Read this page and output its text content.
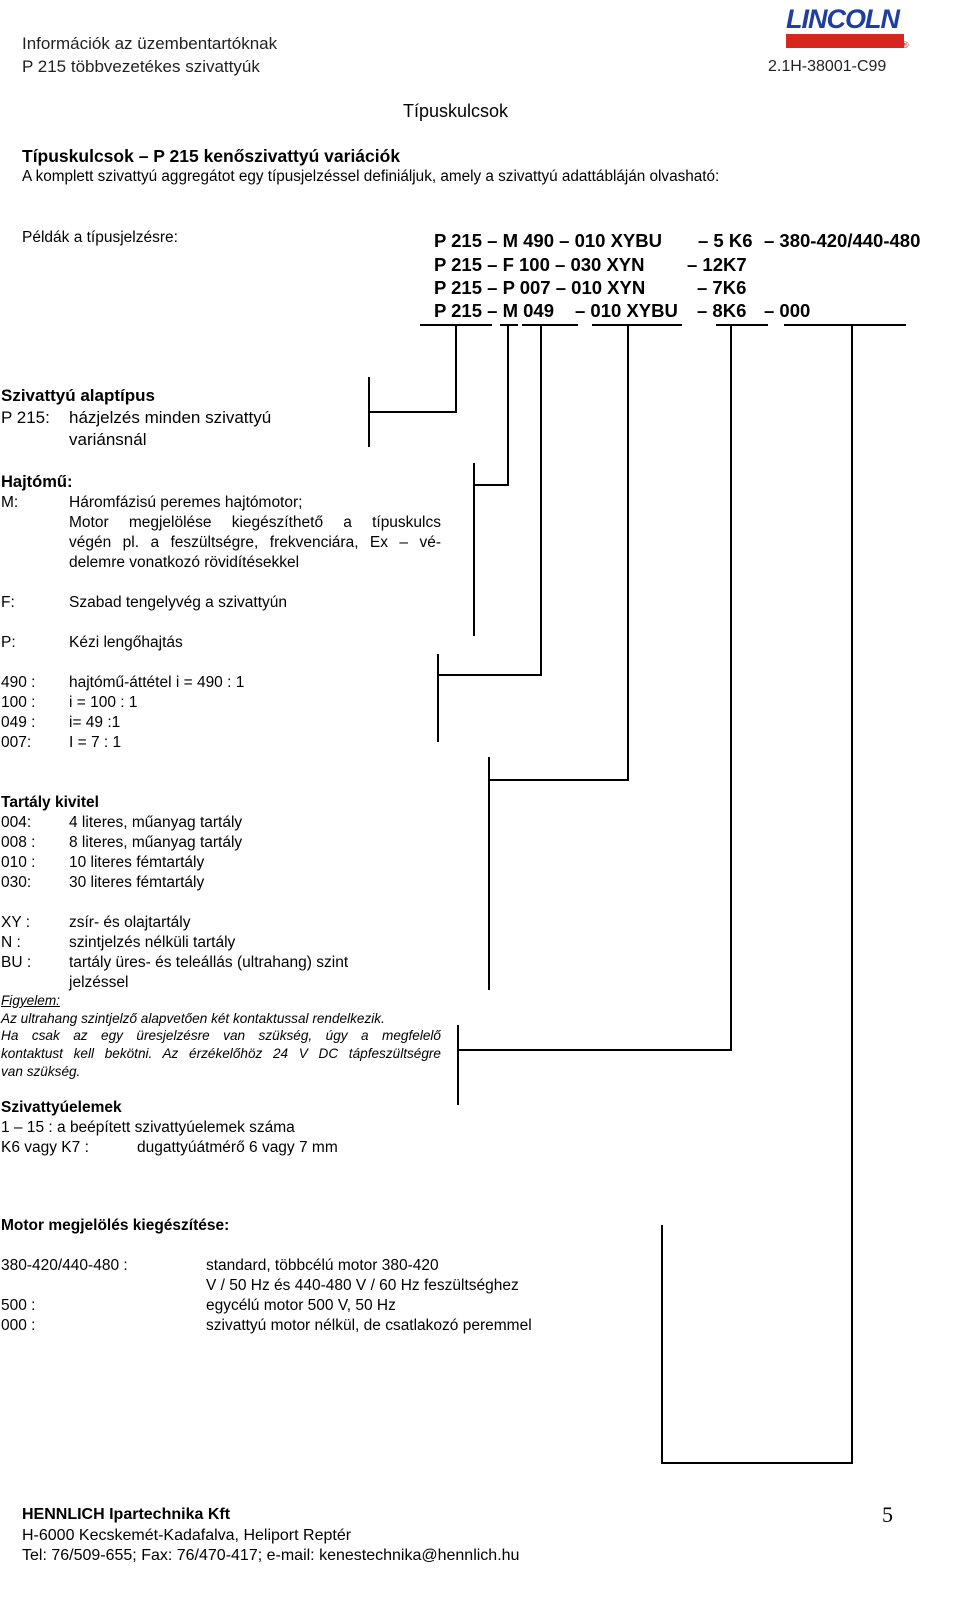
Információk az üzembentartóknak
P 215 többvezetékes szivattyúk	2.1H-38001-C99
LINCOLN
®
Típuskulcsok
Típuskulcsok – P 215 kenőszivattyú variációk
A komplett szivattyú aggregátot egy típusjelzéssel definiáljuk, amely a szivattyú adattábláján olvasható:
Példák a típusjelzésre:	P 215 – M 490 – 010 XYBU – 5 K6 – 380-420/440-480
P 215 – F 100 – 030 XYN – 12K7
P 215 – P 007 – 010 XYN	– 7K6
P 215 – M 049 – 010 XYBU – 8K6 – 000
Szivattyú alaptípus
P 215: házjelzés minden szivattyú
variánsnál
Hajtómű:
M:	Háromfázisú peremes hajtómotor;
Motor megjelölése kiegészíthető a típuskulcs
végén pl. a feszültségre, frekvenciára, Ex – vé-
delemre vonatkozó rövidítésekkel
F:	Szabad tengelyvég a szivattyún
P:	Kézi lengőhajtás
490 : hajtómű-áttétel i = 490 : 1
100 : i = 100 : 1
049 : i= 49 :1
007: I = 7 : 1
Tartály kivitel
004: 4 literes, műanyag tartály
008 : 8 literes, műanyag tartály
010 : 10 literes fémtartály
030: 30 literes fémtartály
XY :	zsír- és olajtartály
N :	szintjelzés nélküli tartály
BU : tartály üres- és teleállás (ultrahang) szint
jelzéssel
Figyelem:
Az ultrahang szintjelző alapvetően két kontaktussal rendelkezik.
Ha csak az egy üresjelzésre van szükség, úgy a megfelelő
kontaktust kell bekötni. Az érzékelőhöz 24 V DC tápfeszültségre
van szükség.
Szivattyúelemek
1 – 15 : a beépített szivattyúelemek száma
K6 vagy K7 :	dugattyúátmérő 6 vagy 7 mm
Motor megjelölés kiegészítése:
380-420/440-480 :	standard, többcélú motor 380-420
V / 50 Hz és 440-480 V / 60 Hz feszültséghez
500 :	egycélú motor 500 V, 50 Hz
000 :	szivattyú motor nélkül, de csatlakozó peremmel
HENNLICH Ipartechnika Kft
H-6000 Kecskemét-Kadafalva, Heliport Reptér
Tel: 76/509-655; Fax: 76/470-417; e-mail: kenestechnika@hennlich.hu
5
